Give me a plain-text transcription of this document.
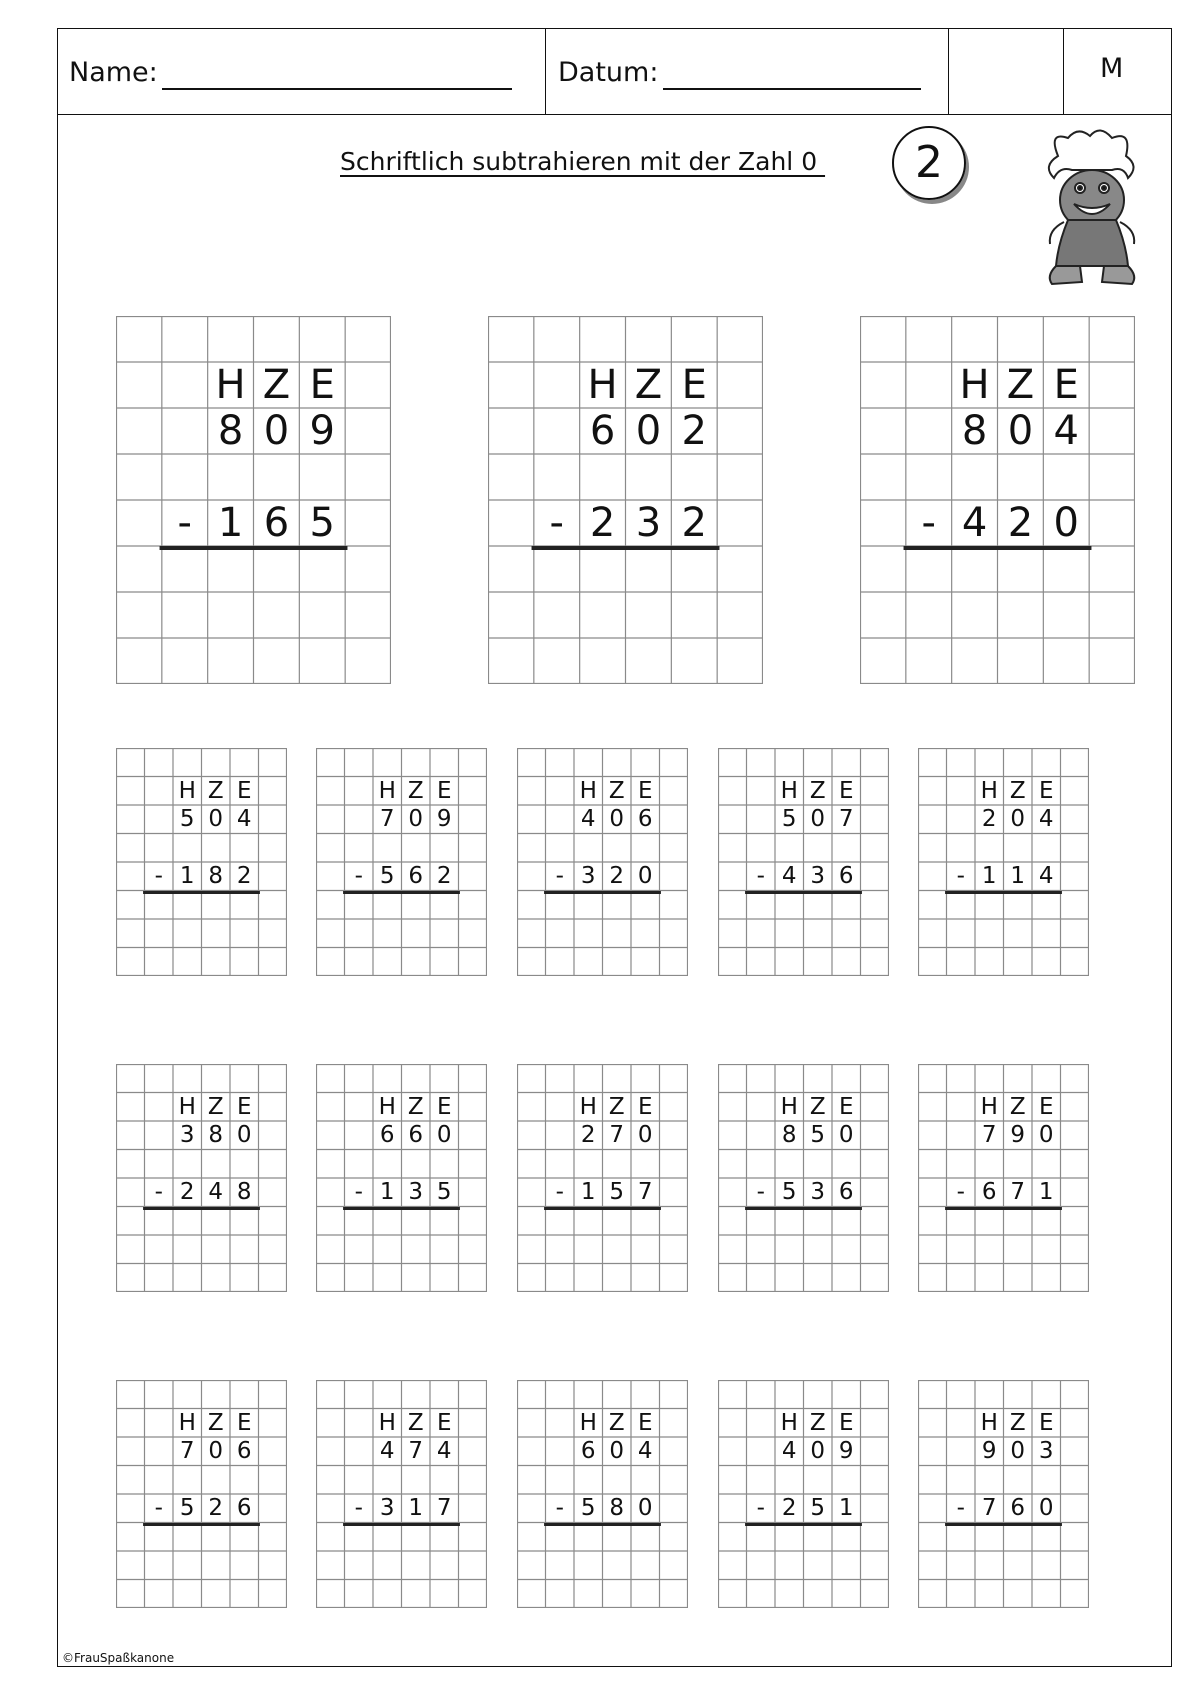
Name:	Datum:	M
Schriftlich subtrahieren mit der Zahl 0	2
H Z E
8 0 9
- 1 6 5
H Z E
6 0 2
- 2 3 2
H Z E
8 0 4
- 4 2 0
H Z E
5 0 4
- 1 8 2
H Z E
7 0 9
- 5 6 2
H Z E
4 0 6
- 3 2 0
H Z E
5 0 7
- 4 3 6
H Z E
2 0 4
- 1 1 4
H Z E
3 8 0
- 2 4 8
H Z E
6 6 0
- 1 3 5
H Z E
2 7 0
- 1 5 7
H Z E
8 5 0
- 5 3 6
H Z E
7 9 0
- 6 7 1
H Z E
7 0 6
- 5 2 6
H Z E
4 7 4
- 3 1 7
H Z E
6 0 4
- 5 8 0
H Z E
4 0 9
- 2 5 1
H Z E
9 0 3
- 7 6 0
©FrauSpaßkanone
